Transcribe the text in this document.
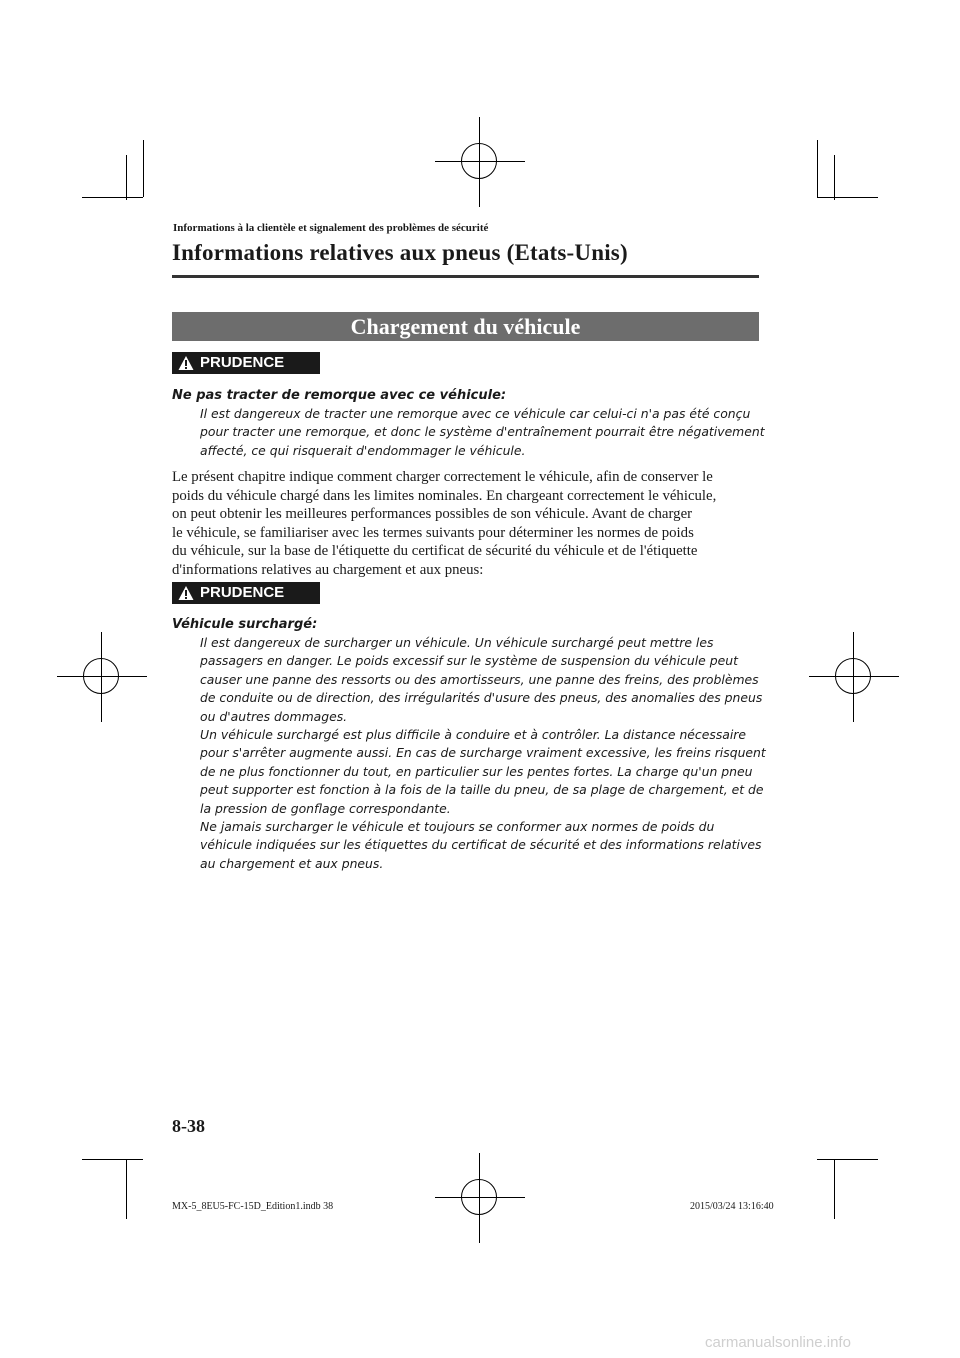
Informations à la clientèle et signalement des problèmes de sécurité
Informations relatives aux pneus (Etats-Unis)
Chargement du véhicule
PRUDENCE
Ne pas tracter de remorque avec ce véhicule:
Il est dangereux de tracter une remorque avec ce véhicule car celui-ci n'a pas été conçu
pour tracter une remorque, et donc le système d'entraînement pourrait être négativement
affecté, ce qui risquerait d'endommager le véhicule.
Le présent chapitre indique comment charger correctement le véhicule, afin de conserver le
poids du véhicule chargé dans les limites nominales. En chargeant correctement le véhicule,
on peut obtenir les meilleures performances possibles de son véhicule. Avant de charger
le véhicule, se familiariser avec les termes suivants pour déterminer les normes de poids
du véhicule, sur la base de l'étiquette du certificat de sécurité du véhicule et de l'étiquette
d'informations relatives au chargement et aux pneus:
PRUDENCE
Véhicule surchargé:
Il est dangereux de surcharger un véhicule. Un véhicule surchargé peut mettre les
passagers en danger. Le poids excessif sur le système de suspension du véhicule peut
causer une panne des ressorts ou des amortisseurs, une panne des freins, des problèmes
de conduite ou de direction, des irrégularités d'usure des pneus, des anomalies des pneus
ou d'autres dommages.
Un véhicule surchargé est plus difficile à conduire et à contrôler. La distance nécessaire
pour s'arrêter augmente aussi. En cas de surcharge vraiment excessive, les freins risquent
de ne plus fonctionner du tout, en particulier sur les pentes fortes. La charge qu'un pneu
peut supporter est fonction à la fois de la taille du pneu, de sa plage de chargement, et de
la pression de gonflage correspondante.
Ne jamais surcharger le véhicule et toujours se conformer aux normes de poids du
véhicule indiquées sur les étiquettes du certificat de sécurité et des informations relatives
au chargement et aux pneus.
8-38
MX-5_8EU5-FC-15D_Edition1.indb 38	2015/03/24 13:16:40
carmanualsonline.info
